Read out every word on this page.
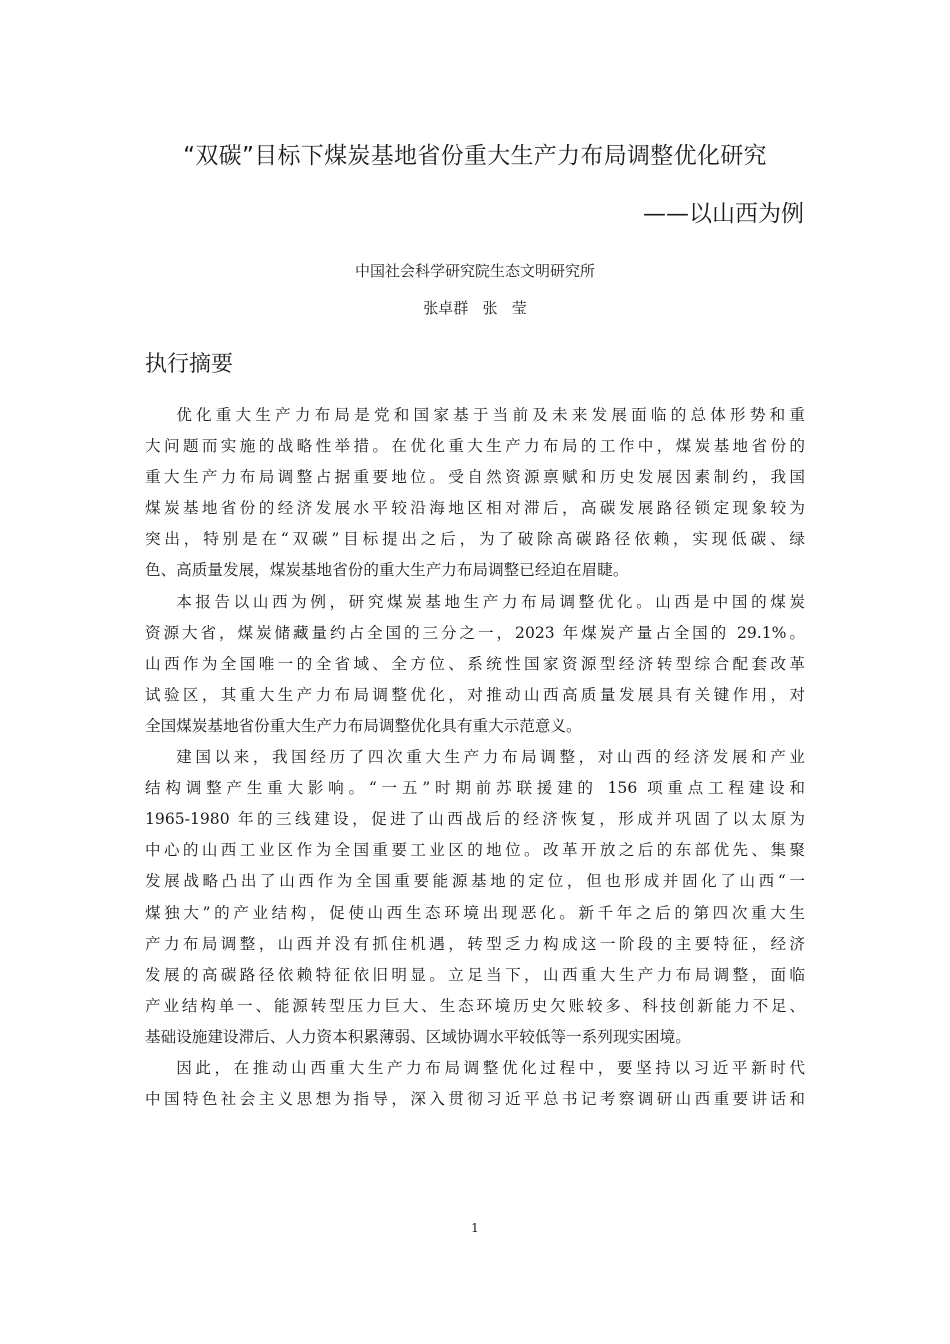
“双碳”目标下煤炭基地省份重大生产力布局调整优化研究
——以山西为例
中国社会科学研究院生态文明研究所
张卓群   张   莹
执行摘要
优化重大生产力布局是党和国家基于当前及未来发展面临的总体形势和重
大问题而实施的战略性举措。在优化重大生产力布局的工作中，煤炭基地省份的
重大生产力布局调整占据重要地位。受自然资源禀赋和历史发展因素制约，我国
煤炭基地省份的经济发展水平较沿海地区相对滞后，高碳发展路径锁定现象较为
突出，特别是在“双碳”目标提出之后，为了破除高碳路径依赖，实现低碳、绿
色、高质量发展，煤炭基地省份的重大生产力布局调整已经迫在眉睫。
本报告以山西为例，研究煤炭基地生产力布局调整优化。山西是中国的煤炭
资源大省，煤炭储藏量约占全国的三分之一，2023 年煤炭产量占全国的 29.1%。
山西作为全国唯一的全省域、全方位、系统性国家资源型经济转型综合配套改革
试验区，其重大生产力布局调整优化，对推动山西高质量发展具有关键作用，对
全国煤炭基地省份重大生产力布局调整优化具有重大示范意义。
建国以来，我国经历了四次重大生产力布局调整，对山西的经济发展和产业
结构调整产生重大影响。“一五”时期前苏联援建的 156 项重点工程建设和
1965-1980 年的三线建设，促进了山西战后的经济恢复，形成并巩固了以太原为
中心的山西工业区作为全国重要工业区的地位。改革开放之后的东部优先、集聚
发展战略凸出了山西作为全国重要能源基地的定位，但也形成并固化了山西“一
煤独大”的产业结构，促使山西生态环境出现恶化。新千年之后的第四次重大生
产力布局调整，山西并没有抓住机遇，转型乏力构成这一阶段的主要特征，经济
发展的高碳路径依赖特征依旧明显。立足当下，山西重大生产力布局调整，面临
产业结构单一、能源转型压力巨大、生态环境历史欠账较多、科技创新能力不足、
基础设施建设滞后、人力资本积累薄弱、区域协调水平较低等一系列现实困境。
因此，在推动山西重大生产力布局调整优化过程中，要坚持以习近平新时代
中国特色社会主义思想为指导，深入贯彻习近平总书记考察调研山西重要讲话和
1
